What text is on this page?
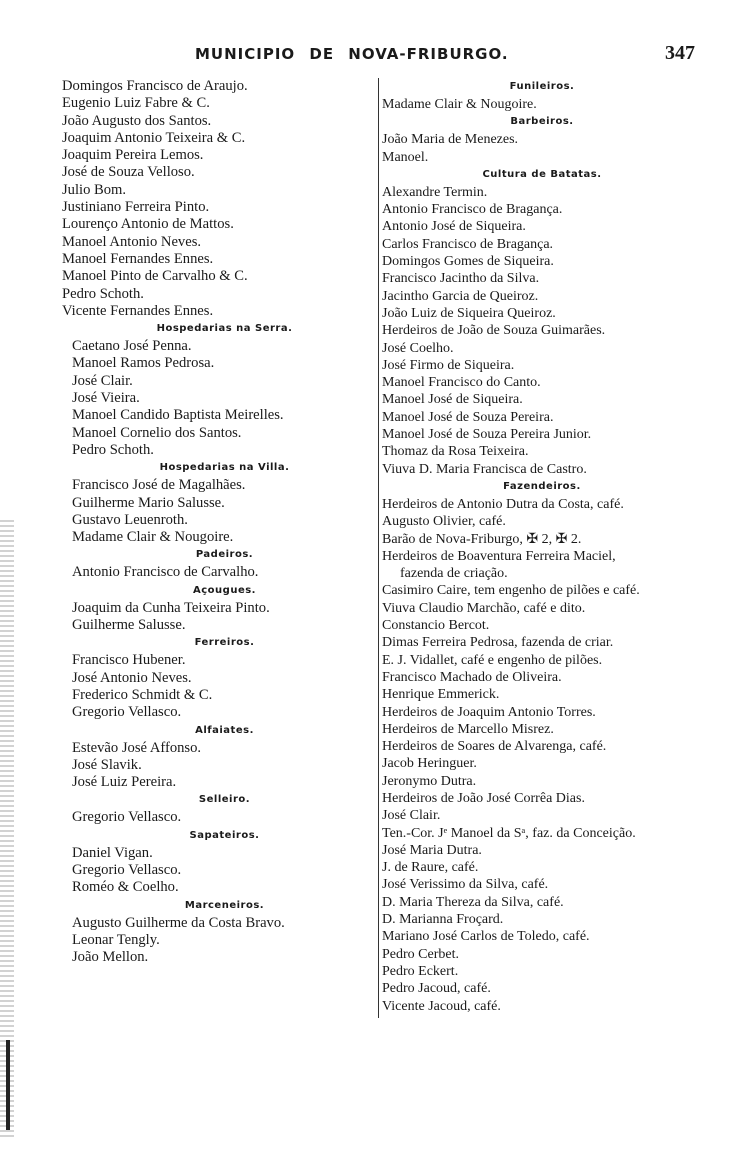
MUNICIPIO DE NOVA-FRIBURGO.	347
Domingos Francisco de Araujo.
Eugenio Luiz Fabre & C.
João Augusto dos Santos.
Joaquim Antonio Teixeira & C.
Joaquim Pereira Lemos.
José de Souza Velloso.
Julio Bom.
Justiniano Ferreira Pinto.
Lourenço Antonio de Mattos.
Manoel Antonio Neves.
Manoel Fernandes Ennes.
Manoel Pinto de Carvalho & C.
Pedro Schoth.
Vicente Fernandes Ennes.
Hospedarias na Serra.
Caetano José Penna.
Manoel Ramos Pedrosa.
José Clair.
José Vieira.
Manoel Candido Baptista Meirelles.
Manoel Cornelio dos Santos.
Pedro Schoth.
Hospedarias na Villa.
Francisco José de Magalhães.
Guilherme Mario Salusse.
Gustavo Leuenroth.
Madame Clair & Nougoire.
Padeiros.
Antonio Francisco de Carvalho.
Açougues.
Joaquim da Cunha Teixeira Pinto.
Guilherme Salusse.
Ferreiros.
Francisco Hubener.
José Antonio Neves.
Frederico Schmidt & C.
Gregorio Vellasco.
Alfaiates.
Estevão José Affonso.
José Slavik.
José Luiz Pereira.
Selleiro.
Gregorio Vellasco.
Sapateiros.
Daniel Vigan.
Gregorio Vellasco.
Roméo & Coelho.
Marceneiros.
Augusto Guilherme da Costa Bravo.
Leonar Tengly.
João Mellon.
Funileiros.
Madame Clair & Nougoire.
Barbeiros.
João Maria de Menezes.
Manoel.
Cultura de Batatas.
Alexandre Termin.
Antonio Francisco de Bragança.
Antonio José de Siqueira.
Carlos Francisco de Bragança.
Domingos Gomes de Siqueira.
Francisco Jacintho da Silva.
Jacintho Garcia de Queiroz.
João Luiz de Siqueira Queiroz.
Herdeiros de João de Souza Guimarães.
José Coelho.
José Firmo de Siqueira.
Manoel Francisco do Canto.
Manoel José de Siqueira.
Manoel José de Souza Pereira.
Manoel José de Souza Pereira Junior.
Thomaz da Rosa Teixeira.
Viuva D. Maria Francisca de Castro.
Fazendeiros.
Herdeiros de Antonio Dutra da Costa, café.
Augusto Olivier, café.
Barão de Nova-Friburgo, ✠ 2, ✠ 2.
Herdeiros de Boaventura Ferreira Maciel,
fazenda de criação.
Casimiro Caire, tem engenho de pilões e café.
Viuva Claudio Marchão, café e dito.
Constancio Bercot.
Dimas Ferreira Pedrosa, fazenda de criar.
E. J. Vidallet, café e engenho de pilões.
Francisco Machado de Oliveira.
Henrique Emmerick.
Herdeiros de Joaquim Antonio Torres.
Herdeiros de Marcello Misrez.
Herdeiros de Soares de Alvarenga, café.
Jacob Heringuer.
Jeronymo Dutra.
Herdeiros de João José Corrêa Dias.
José Clair.
Ten.-Cor. Jᵉ Manoel da Sᵃ, faz. da Conceição.
José Maria Dutra.
J. de Raure, café.
José Verissimo da Silva, café.
D. Maria Thereza da Silva, café.
D. Marianna Froçard.
Mariano José Carlos de Toledo, café.
Pedro Cerbet.
Pedro Eckert.
Pedro Jacoud, café.
Vicente Jacoud, café.
